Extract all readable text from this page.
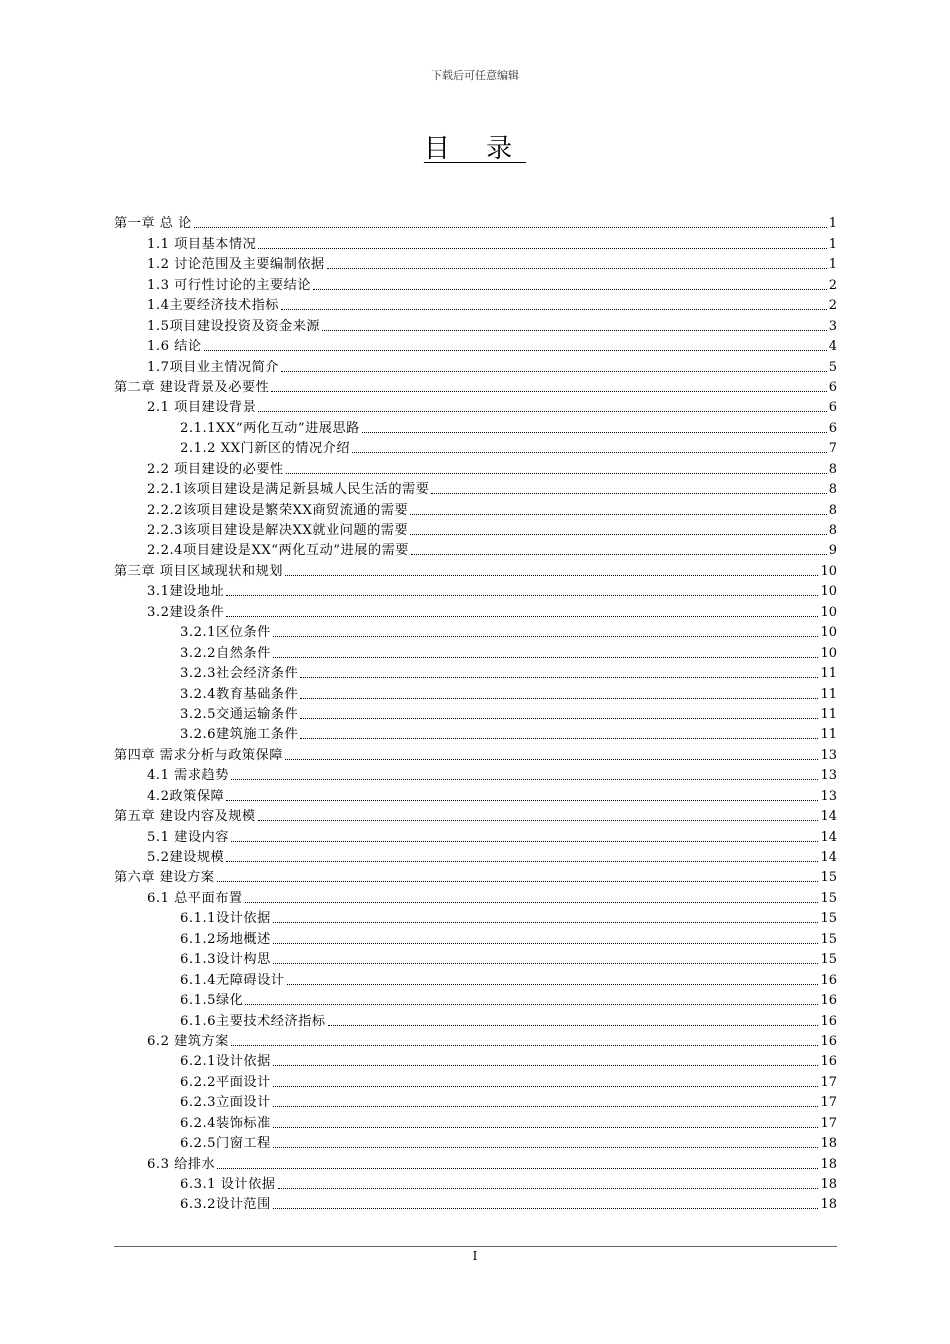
下载后可任意编辑
目 录
第一章 总 论	1
1.1 项目基本情况	1
1.2 讨论范围及主要编制依据	1
1.3 可行性讨论的主要结论	2
1.4主要经济技术指标	2
1.5项目建设投资及资金来源	3
1.6 结论	4
1.7项目业主情况简介	5
第二章 建设背景及必要性	6
2.1 项目建设背景	6
2.1.1XX“两化互动”进展思路	6
2.1.2 XX门新区的情况介绍	7
2.2 项目建设的必要性	8
2.2.1该项目建设是满足新县城人民生活的需要	8
2.2.2该项目建设是繁荣XX商贸流通的需要	8
2.2.3该项目建设是解决XX就业问题的需要	8
2.2.4项目建设是XX“两化互动”进展的需要	9
第三章 项目区域现状和规划	10
3.1建设地址	10
3.2建设条件	10
3.2.1区位条件	10
3.2.2自然条件	10
3.2.3社会经济条件	11
3.2.4教育基础条件	11
3.2.5交通运输条件	11
3.2.6建筑施工条件	11
第四章 需求分析与政策保障	13
4.1 需求趋势	13
4.2政策保障	13
第五章 建设内容及规模	14
5.1 建设内容	14
5.2建设规模	14
第六章 建设方案	15
6.1 总平面布置	15
6.1.1设计依据	15
6.1.2场地概述	15
6.1.3设计构思	15
6.1.4无障碍设计	16
6.1.5绿化	16
6.1.6主要技术经济指标	16
6.2 建筑方案	16
6.2.1设计依据	16
6.2.2平面设计	17
6.2.3立面设计	17
6.2.4装饰标准	17
6.2.5门窗工程	18
6.3 给排水	18
6.3.1 设计依据	18
6.3.2设计范围	18
I
